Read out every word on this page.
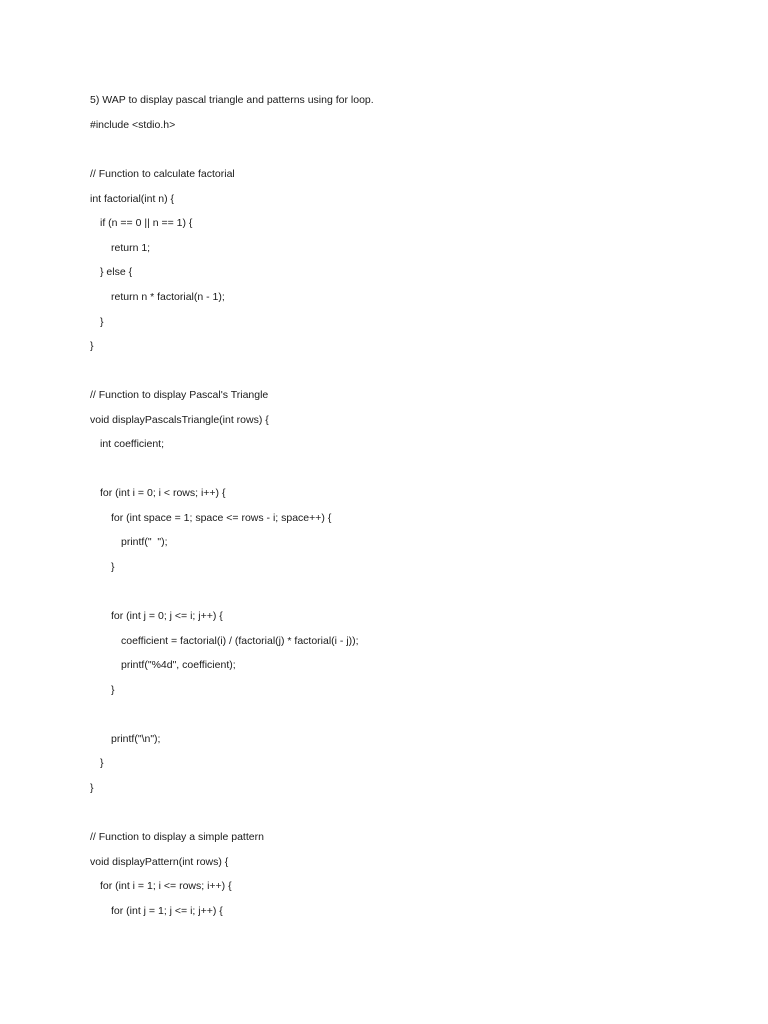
5) WAP to display pascal triangle and patterns using for loop.
#include <stdio.h>
// Function to calculate factorial
int factorial(int n) {
if (n == 0 || n == 1) {
return 1;
} else {
return n * factorial(n - 1);
}
}
// Function to display Pascal's Triangle
void displayPascalsTriangle(int rows) {
int coefficient;
for (int i = 0; i < rows; i++) {
for (int space = 1; space <= rows - i; space++) {
printf("  ");
}
for (int j = 0; j <= i; j++) {
coefficient = factorial(i) / (factorial(j) * factorial(i - j));
printf("%4d", coefficient);
}
printf("\n");
}
}
// Function to display a simple pattern
void displayPattern(int rows) {
for (int i = 1; i <= rows; i++) {
for (int j = 1; j <= i; j++) {
